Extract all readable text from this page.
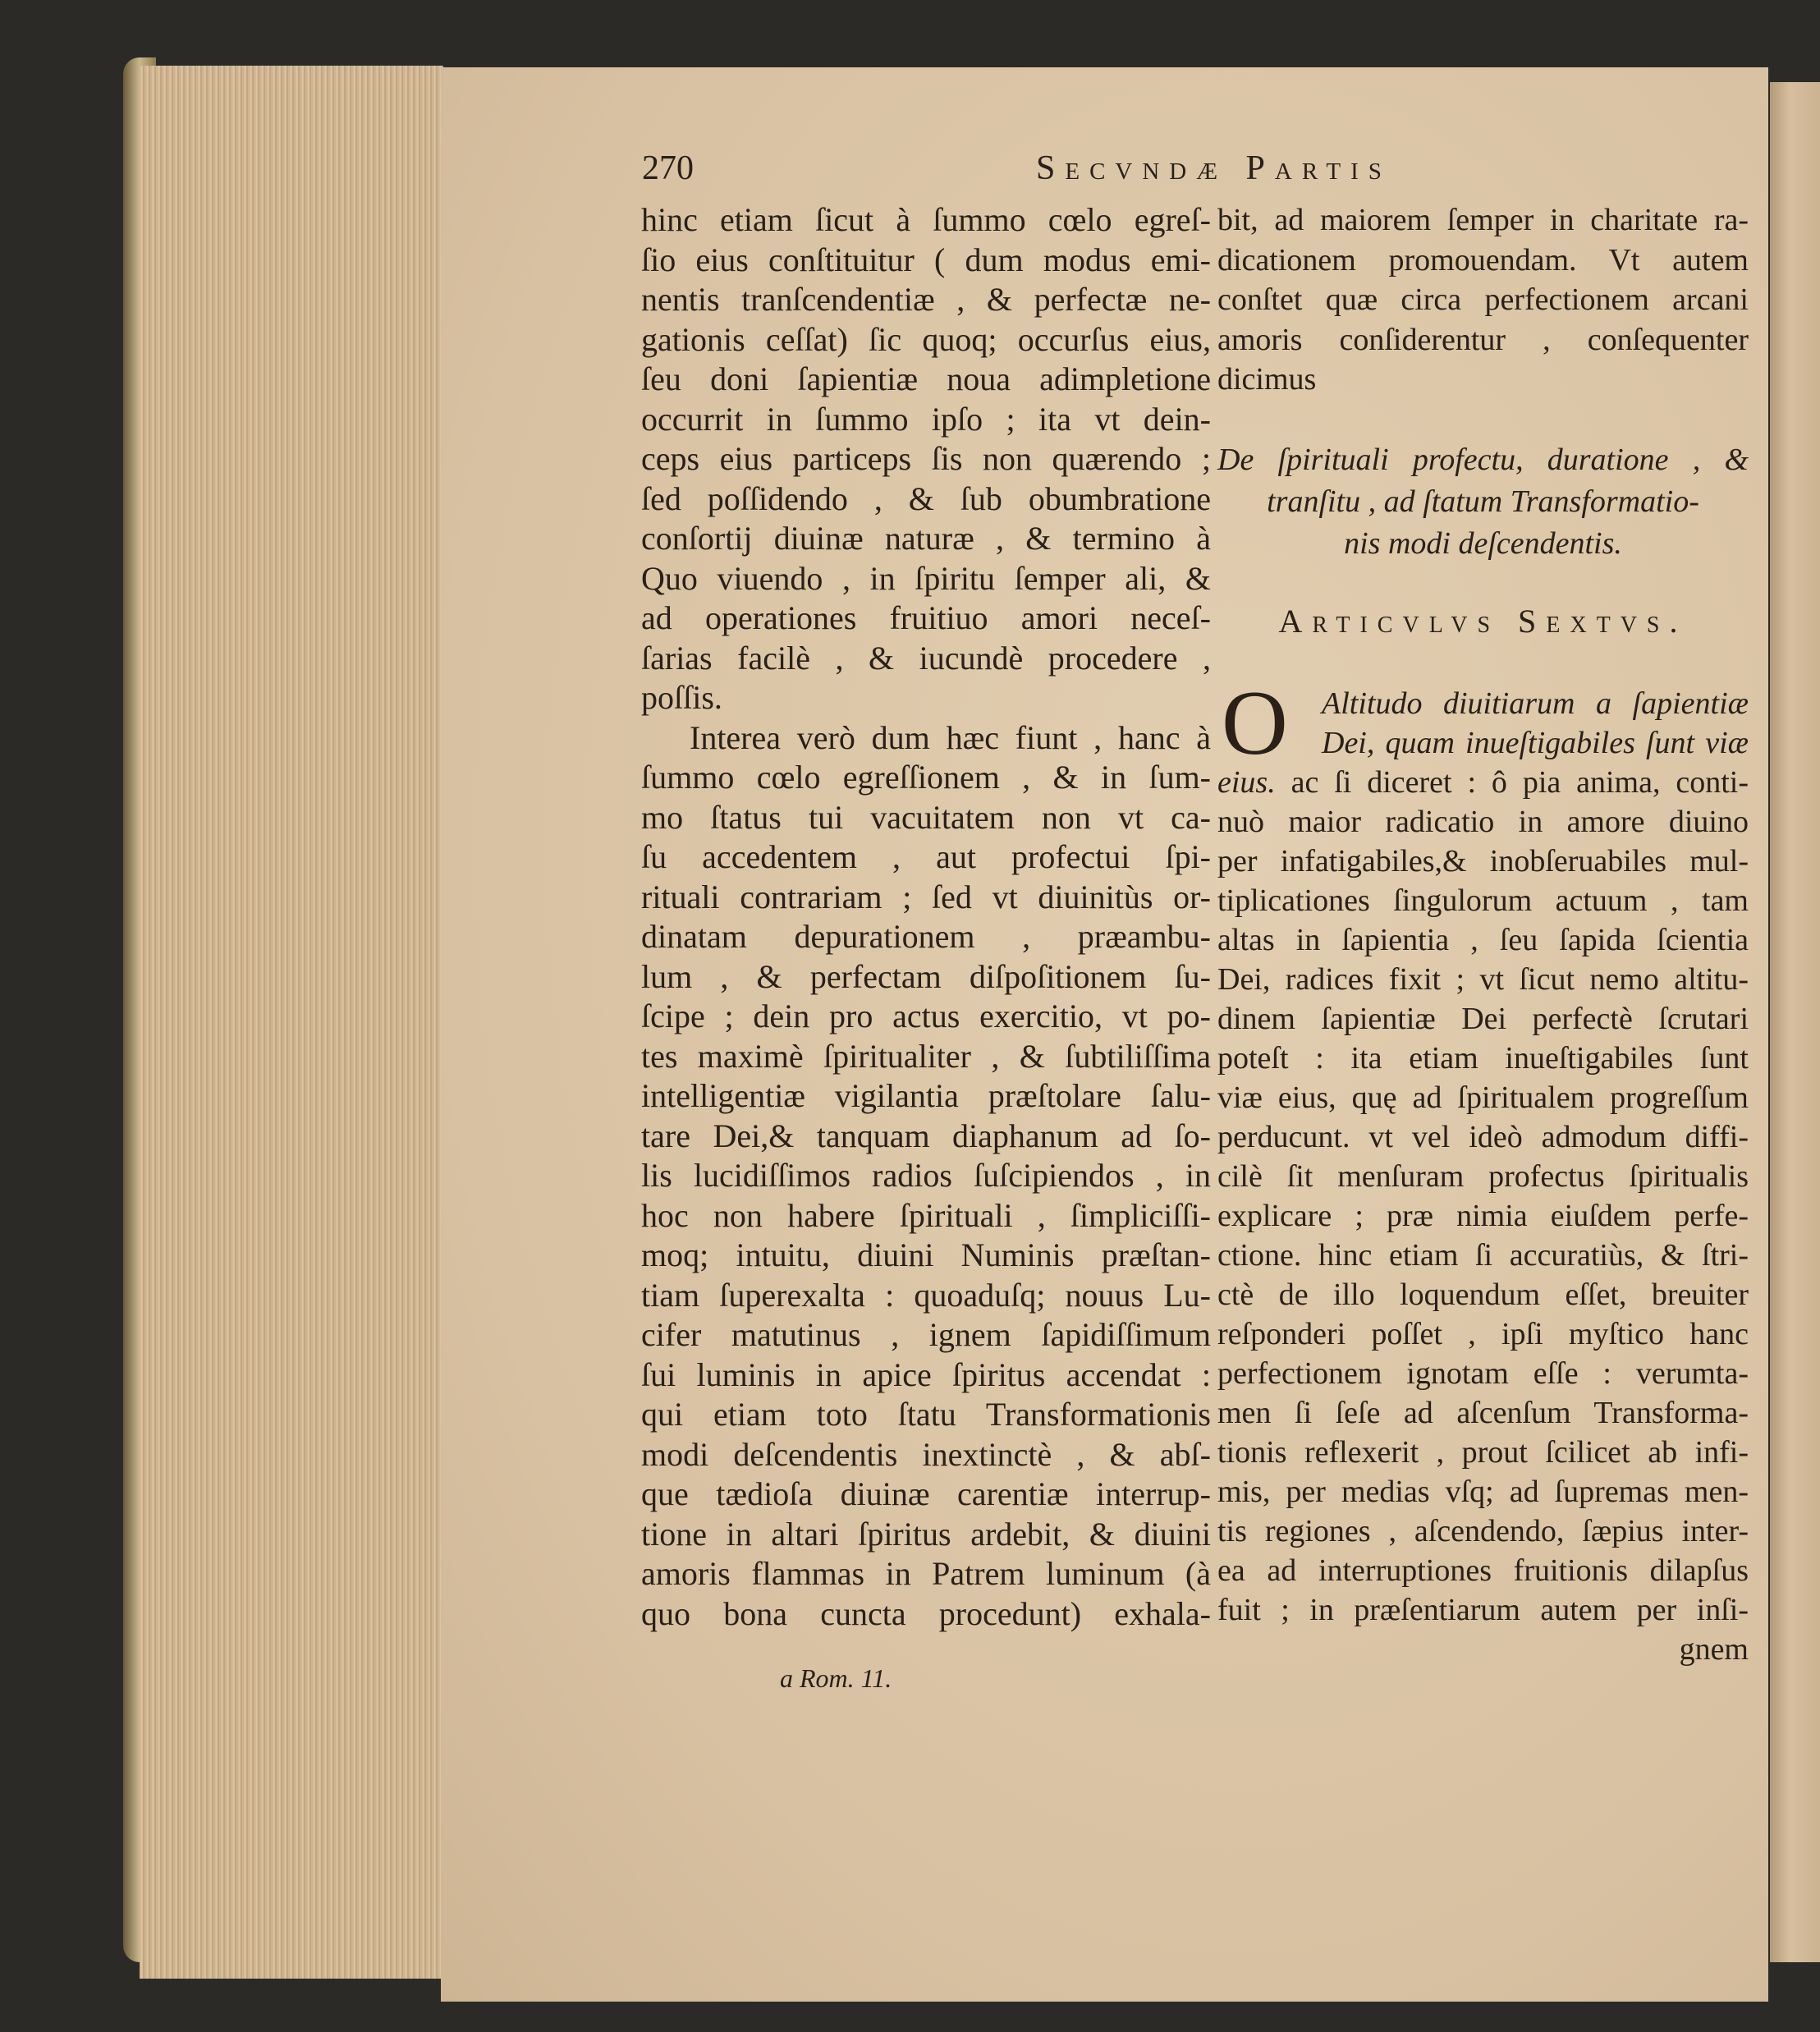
270	Secvndæ Partis
hinc etiam ſicut à ſummo cœlo egreſ-
ſio eius conſtituitur ( dum modus emi-
nentis tranſcendentiæ , & perfectæ ne-
gationis ceſſat) ſic quoq; occurſus eius,
ſeu doni ſapientiæ noua adimpletione
occurrit in ſummo ipſo ; ita vt dein-
ceps eius particeps ſis non quærendo ;
ſed poſſidendo , & ſub obumbratione
conſortij diuinæ naturæ , & termino à
Quo viuendo , in ſpiritu ſemper ali, &
ad operationes fruitiuo amori neceſ-
ſarias facilè , & iucundè procedere ,
poſſis.
Interea verò dum hæc fiunt , hanc à
ſummo cœlo egreſſionem , & in ſum-
mo ſtatus tui vacuitatem non vt ca-
ſu accedentem , aut profectui ſpi-
rituali contrariam ; ſed vt diuinitùs or-
dinatam depurationem , præambu-
lum , & perfectam diſpoſitionem ſu-
ſcipe ; dein pro actus exercitio, vt po-
tes maximè ſpiritualiter , & ſubtiliſſima
intelligentiæ vigilantia præſtolare ſalu-
tare Dei,& tanquam diaphanum ad ſo-
lis lucidiſſimos radios ſuſcipiendos , in
hoc non habere ſpirituali , ſimpliciſſi-
moq; intuitu, diuini Numinis præſtan-
tiam ſuperexalta : quoaduſq; nouus Lu-
cifer matutinus , ignem ſapidiſſimum
ſui luminis in apice ſpiritus accendat :
qui etiam toto ſtatu Transformationis
modi deſcendentis inextinctè , & abſ-
que tædioſa diuinæ carentiæ interrup-
tione in altari ſpiritus ardebit, & diuini
amoris flammas in Patrem luminum (à
quo bona cuncta procedunt) exhala-
bit, ad maiorem ſemper in charitate ra-
dicationem promouendam. Vt autem
conſtet quæ circa perfectionem arcani
amoris conſiderentur , conſequenter
dicimus
De ſpirituali profectu, duratione , &
tranſitu , ad ſtatum Transformatio-
nis modi deſcendentis.
Altitudo diuitiarum a ſapientiæ
Dei, quam inueſtigabiles ſunt viæ
eius. ac ſi diceret : ô pia anima, conti-
nuò maior radicatio in amore diuino
per infatigabiles,& inobſeruabiles mul-
tiplicationes ſingulorum actuum , tam
altas in ſapientia , ſeu ſapida ſcientia
Dei, radices fixit ; vt ſicut nemo altitu-
dinem ſapientiæ Dei perfectè ſcrutari
poteſt : ita etiam inueſtigabiles ſunt
viæ eius, quę ad ſpiritualem progreſſum
perducunt. vt vel ideò admodum diffi-
cilè ſit menſuram profectus ſpiritualis
explicare ; præ nimia eiuſdem perfe-
ctione. hinc etiam ſi accuratiùs, & ſtri-
ctè de illo loquendum eſſet, breuiter
reſponderi poſſet , ipſi myſtico hanc
perfectionem ignotam eſſe : verumta-
men ſi ſeſe ad aſcenſum Transforma-
tionis reflexerit , prout ſcilicet ab infi-
mis, per medias vſq; ad ſupremas men-
tis regiones , aſcendendo, ſæpius inter-
ea ad interruptiones fruitionis dilapſus
fuit ; in præſentiarum autem per inſi-
gnem
Articvlvs Sextvs.
O
a Rom. 11.
